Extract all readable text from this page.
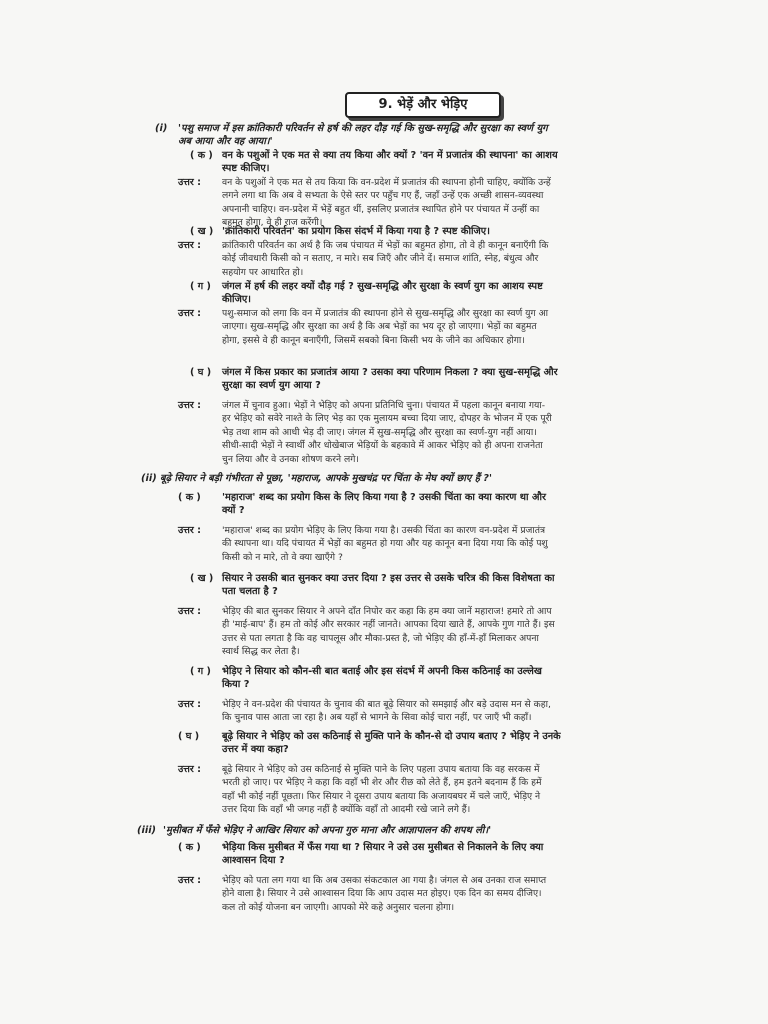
9. भेड़ें और भेड़िए
(i) 'पशु समाज में इस क्रांतिकारी परिवर्तन से हर्ष की लहर दौड़ गई कि सुख-समृद्धि और सुरक्षा का स्वर्ण युग
अब आया और वह आया।'
( क ) वन के पशुओं ने एक मत से क्या तय किया और क्यों ? 'वन में प्रजातंत्र की स्थापना' का आशय
स्पष्ट कीजिए।
उत्तर : वन के पशुओं ने एक मत से तय किया कि वन-प्रदेश में प्रजातंत्र की स्थापना होनी चाहिए, क्योंकि उन्हें
लगने लगा था कि अब वे सभ्यता के ऐसे स्तर पर पहुँच गए हैं, जहाँ उन्हें एक अच्छी शासन-व्यवस्था
अपनानी चाहिए। वन-प्रदेश में भेड़ें बहुत थीं, इसलिए प्रजातंत्र स्थापित होने पर पंचायत में उन्हीं का
बहुमत होगा, वे ही राज करेंगी।
( ख ) 'क्रांतिकारी परिवर्तन' का प्रयोग किस संदर्भ में किया गया है ? स्पष्ट कीजिए।
उत्तर : क्रांतिकारी परिवर्तन का अर्थ है कि जब पंचायत में भेड़ों का बहुमत होगा, तो वे ही कानून बनाएँगी कि
कोई जीवधारी किसी को न सताए, न मारे। सब जिएँ और जीने दें। समाज शांति, स्नेह, बंधुत्व और
सहयोग पर आधारित हो।
( ग ) जंगल में हर्ष की लहर क्यों दौड़ गई ? सुख-समृद्धि और सुरक्षा के स्वर्ण युग का आशय स्पष्ट
कीजिए।
उत्तर : पशु-समाज को लगा कि वन में प्रजातंत्र की स्थापना होने से सुख-समृद्धि और सुरक्षा का स्वर्ण युग आ
जाएगा। सुख-समृद्धि और सुरक्षा का अर्थ है कि अब भेड़ों का भय दूर हो जाएगा। भेड़ों का बहुमत
होगा, इससे वे ही कानून बनाएँगी, जिसमें सबको बिना किसी भय के जीने का अधिकार होगा।
( घ ) जंगल में किस प्रकार का प्रजातंत्र आया ? उसका क्या परिणाम निकला ? क्या सुख-समृद्धि और
सुरक्षा का स्वर्ण युग आया ?
उत्तर : जंगल में चुनाव हुआ। भेड़ों ने भेड़िए को अपना प्रतिनिधि चुना। पंचायत में पहला कानून बनाया गया-
हर भेड़िए को सवेरे नाश्ते के लिए भेड़ का एक मुलायम बच्चा दिया जाए, दोपहर के भोजन में एक पूरी
भेड़ तथा शाम को आधी भेड़ दी जाए। जंगल में सुख-समृद्धि और सुरक्षा का स्वर्ण-युग नहीं आया।
सीधी-सादी भेड़ों ने स्वार्थी और धोखेबाज भेड़ियों के बहकावे में आकर भेड़िए को ही अपना राजनेता
चुन लिया और वे उनका शोषण करने लगे।
(ii) बूढ़े सियार ने बड़ी गंभीरता से पूछा, 'महाराज, आपके मुखचंद्र पर चिंता के मेघ क्यों छाए हैं ?'
( क ) 'महाराज' शब्द का प्रयोग किस के लिए किया गया है ? उसकी चिंता का क्या कारण था और
क्यों ?
उत्तर : 'महाराज' शब्द का प्रयोग भेड़िए के लिए किया गया है। उसकी चिंता का कारण वन-प्रदेश में प्रजातंत्र
की स्थापना था। यदि पंचायत में भेड़ों का बहुमत हो गया और यह कानून बना दिया गया कि कोई पशु
किसी को न मारे, तो वे क्या खाएँगे ?
( ख ) सियार ने उसकी बात सुनकर क्या उत्तर दिया ? इस उत्तर से उसके चरित्र की किस विशेषता का
पता चलता है ?
उत्तर : भेड़िए की बात सुनकर सियार ने अपने दाँत निपोर कर कहा कि हम क्या जानें महाराज! हमारे तो आप
ही 'माई-बाप' हैं। हम तो कोई और सरकार नहीं जानते। आपका दिया खाते हैं, आपके गुण गाते हैं। इस
उत्तर से पता लगता है कि वह चापलूस और मौका-प्रस्त है, जो भेड़िए की हाँ-में-हाँ मिलाकर अपना
स्वार्थ सिद्ध कर लेता है।
( ग ) भेड़िए ने सियार को कौन-सी बात बताई और इस संदर्भ में अपनी किस कठिनाई का उल्लेख
किया ?
उत्तर : भेड़िए ने वन-प्रदेश की पंचायत के चुनाव की बात बूढ़े सियार को समझाई और बड़े उदास मन से कहा,
कि चुनाव पास आता जा रहा है। अब यहाँ से भागने के सिवा कोई चारा नहीं, पर जाएँ भी कहाँ।
( घ ) बूढ़े सियार ने भेड़िए को उस कठिनाई से मुक्ति पाने के कौन-से दो उपाय बताए ? भेड़िए ने उनके
उत्तर में क्या कहा?
उत्तर : बूढ़े सियार ने भेड़िए को उस कठिनाई से मुक्ति पाने के लिए पहला उपाय बताया कि वह सरकस में
भरती हो जाए। पर भेड़िए ने कहा कि वहाँ भी शेर और रीछ को लेते हैं, हम इतने बदनाम हैं कि हमें
वहाँ भी कोई नहीं पूछता। फिर सियार ने दूसरा उपाय बताया कि अजायबघर में चले जाएँ, भेड़िए ने
उत्तर दिया कि वहाँ भी जगह नहीं है क्योंकि वहाँ तो आदमी रखे जाने लगे हैं।
(iii) 'मुसीबत में फँसे भेड़िए ने आखिर सियार को अपना गुरु माना और आज्ञापालन की शपथ ली।'
( क ) भेड़िया किस मुसीबत में फँस गया था ? सियार ने उसे उस मुसीबत से निकालने के लिए क्या
आश्वासन दिया ?
उत्तर : भेड़िए को पता लग गया था कि अब उसका संकटकाल आ गया है। जंगल से अब उनका राज समाप्त
होने वाला है। सियार ने उसे आश्वासन दिया कि आप उदास मत होइए। एक दिन का समय दीजिए।
कल तो कोई योजना बन जाएगी। आपको मेरे कहे अनुसार चलना होगा।
